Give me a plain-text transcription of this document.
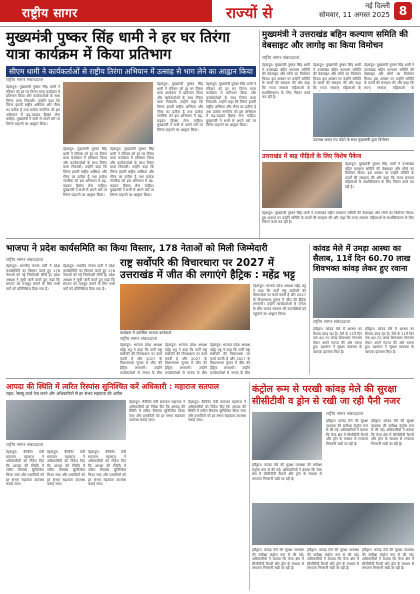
राष्ट्रीय सागर	राज्यों से	नई दिल्ली
सोमवार, 11 अगस्त 2025 8
मुख्यमंत्री पुष्कर सिंह धामी ने हर घर तिरंगा यात्रा कार्यक्रम में किया प्रतिभाग
सीएम धामी ने कार्यकर्ताओं से राष्ट्रीय तिरंगा अभियान में उत्साह से भाग लेने का आह्वान किया
राष्ट्रीय सागर संवाददाता
देहरादून। मुख्यमंत्री पुष्कर सिंह धामी ने रविवार को हर घर तिरंगा यात्रा कार्यक्रम में प्रतिभाग किया और कार्यकर्ताओं के साथ तिरंगा यात्रा निकाली। उन्होंने कहा कि तिरंगा हमारी राष्ट्रीय अस्मिता और गौरव का प्रतीक है तथा प्रत्येक नागरिक को इस अभियान में बढ़-चढ़कर हिस्सा लेना चाहिए। मुख्यमंत्री ने सभी से अपने घरों पर तिरंगा फहराने का आह्वान किया।
देहरादून। मुख्यमंत्री पुष्कर सिंह धामी ने रविवार को हर घर तिरंगा यात्रा कार्यक्रम में प्रतिभाग किया और कार्यकर्ताओं के साथ तिरंगा यात्रा निकाली। उन्होंने कहा कि तिरंगा हमारी राष्ट्रीय अस्मिता और गौरव का प्रतीक है तथा प्रत्येक नागरिक को इस अभियान में बढ़-चढ़कर हिस्सा लेना चाहिए। मुख्यमंत्री ने सभी से अपने घरों पर तिरंगा फहराने का आह्वान किया।
देहरादून। मुख्यमंत्री पुष्कर सिंह धामी ने रविवार को हर घर तिरंगा यात्रा कार्यक्रम में प्रतिभाग किया और कार्यकर्ताओं के साथ तिरंगा यात्रा निकाली। उन्होंने कहा कि तिरंगा हमारी राष्ट्रीय अस्मिता और गौरव का प्रतीक है तथा प्रत्येक नागरिक को इस अभियान में बढ़-चढ़कर हिस्सा लेना चाहिए। मुख्यमंत्री ने सभी से अपने घरों पर तिरंगा फहराने का आह्वान किया।
देहरादून। मुख्यमंत्री पुष्कर सिंह धामी ने रविवार को हर घर तिरंगा यात्रा कार्यक्रम में प्रतिभाग किया और कार्यकर्ताओं के साथ तिरंगा यात्रा निकाली। उन्होंने कहा कि तिरंगा हमारी राष्ट्रीय अस्मिता और गौरव का प्रतीक है तथा प्रत्येक नागरिक को इस अभियान में बढ़-चढ़कर हिस्सा लेना चाहिए। मुख्यमंत्री ने सभी से अपने घरों पर तिरंगा फहराने का आह्वान किया।
देहरादून। मुख्यमंत्री पुष्कर सिंह धामी ने रविवार को हर घर तिरंगा यात्रा कार्यक्रम में प्रतिभाग किया और कार्यकर्ताओं के साथ तिरंगा यात्रा निकाली। उन्होंने कहा कि तिरंगा हमारी राष्ट्रीय अस्मिता और गौरव का प्रतीक है तथा प्रत्येक नागरिक को इस अभियान में बढ़-चढ़कर हिस्सा लेना चाहिए। मुख्यमंत्री ने सभी से अपने घरों पर तिरंगा फहराने का आह्वान किया।
मुख्यमंत्री ने उत्तराखंड बहिन कल्याण समिति की वेबसाइट और लागोइ का किया विमोचन
राष्ट्रीय सागर संवाददाता
देहरादून। मुख्यमंत्री पुष्कर सिंह धामी ने उत्तराखंड बहिन कल्याण समिति की वेबसाइट और लोगो का विमोचन किया। इस अवसर पर उन्होंने समिति के कार्यों की सराहना की और कहा कि राज्य सरकार महिलाओं के सशक्तिकरण के लिए निरंतर कार्य कर रही है।
देहरादून। मुख्यमंत्री पुष्कर सिंह धामी ने उत्तराखंड बहिन कल्याण समिति की वेबसाइट और लोगो का विमोचन किया। इस अवसर पर उन्होंने समिति के कार्यों की सराहना की और कहा कि राज्य सरकार महिलाओं के
देहरादून। मुख्यमंत्री पुष्कर सिंह धामी ने उत्तराखंड बहिन कल्याण समिति की वेबसाइट और लोगो का विमोचन किया। इस अवसर पर उन्होंने समिति के कार्यों की सराहना की और कहा कि राज्य सरकार महिलाओं के
उपलब्ध कराए गए फोटो के साथ मुख्यमंत्री द्वारा विमोचन
उत्तराखंड में बाढ़ पीड़ितों के लिए विशेष पैकेज
देहरादून। मुख्यमंत्री पुष्कर सिंह धामी ने उत्तराखंड बहिन कल्याण समिति की वेबसाइट और लोगो का विमोचन किया। इस अवसर पर उन्होंने समिति के कार्यों की सराहना की और कहा कि राज्य सरकार महिलाओं के सशक्तिकरण के लिए निरंतर कार्य कर रही है।
देहरादून। मुख्यमंत्री पुष्कर सिंह धामी ने उत्तराखंड बहिन कल्याण समिति की वेबसाइट और लोगो का विमोचन किया। इस अवसर पर उन्होंने समिति के कार्यों की सराहना की और कहा कि राज्य सरकार महिलाओं के सशक्तिकरण के लिए निरंतर कार्य कर रही है।
भाजपा ने प्रदेश कार्यसमिति का किया विस्तार, 178 नेताओं को मिली जिम्मेदारी
राष्ट्रीय सागर संवाददाता
देहरादून। भारतीय जनता पार्टी ने प्रदेश कार्यसमिति का विस्तार करते हुए 178 नेताओं को नई जिम्मेदारी सौंपी है। प्रदेश अध्यक्ष ने सूची जारी करते हुए कहा कि संगठन को मजबूत बनाने के लिए सभी वर्गों को प्रतिनिधित्व दिया गया है।
देहरादून। भारतीय जनता पार्टी ने प्रदेश कार्यसमिति का विस्तार करते हुए 178 नेताओं को नई जिम्मेदारी सौंपी है। प्रदेश अध्यक्ष ने सूची जारी करते हुए कहा कि संगठन को मजबूत बनाने के लिए सभी वर्गों को प्रतिनिधित्व दिया गया है।
राष्ट्र सर्वोपरि की विचारधारा पर 2027 में उत्तराखंड में जीत की लगाएंगे हैट्रिक : महेंद्र भट्ट
कार्यक्रम में उपस्थित भाजपा कार्यकर्ता
देहरादून। भाजपा प्रदेश अध्यक्ष महेंद्र भट्ट ने कहा कि पार्टी राष्ट्र सर्वोपरि की विचारधारा पर कार्य करती है और 2027 के विधानसभा चुनाव में जीत की हैट्रिक लगाएगी। उन्होंने कार्यकर्ताओं से जनता के बीच जाकर सरकार की उपलब्धियों को पहुंचाने का आह्वान किया।
राष्ट्रीय सागर संवाददाता
देहरादून। भाजपा प्रदेश अध्यक्ष महेंद्र भट्ट ने कहा कि पार्टी राष्ट्र सर्वोपरि की विचारधारा पर कार्य करती है और 2027 के विधानसभा चुनाव में जीत की हैट्रिक लगाएगी। उन्होंने कार्यकर्ताओं से जनता के बीच
देहरादून। भाजपा प्रदेश अध्यक्ष महेंद्र भट्ट ने कहा कि पार्टी राष्ट्र सर्वोपरि की विचारधारा पर कार्य करती है और 2027 के विधानसभा चुनाव में जीत की हैट्रिक लगाएगी। उन्होंने कार्यकर्ताओं से जनता के बीच
देहरादून। भाजपा प्रदेश अध्यक्ष महेंद्र भट्ट ने कहा कि पार्टी राष्ट्र सर्वोपरि की विचारधारा पर कार्य करती है और 2027 के विधानसभा चुनाव में जीत की हैट्रिक लगाएगी। उन्होंने कार्यकर्ताओं से जनता के बीच
कांवड मेले में उमड़ा आस्था का सैलाब, 11वें दिन 60.70 लाख शिवभक्त कांवड़ लेकर हुए रवाना
राष्ट्रीय सागर संवाददाता
हरिद्वार। कांवड मेले में आस्था का सैलाब उमड़ रहा है। मेले के 11वें दिन तक 60.70 लाख शिवभक्त गंगाजल लेकर अपने गंतव्य की ओर रवाना हुए। प्रशासन ने सुरक्षा व्यवस्था के व्यापक इंतजाम किए हैं।
हरिद्वार। कांवड मेले में आस्था का सैलाब उमड़ रहा है। मेले के 11वें दिन तक 60.70 लाख शिवभक्त गंगाजल लेकर अपने गंतव्य की ओर रवाना हुए। प्रशासन ने सुरक्षा व्यवस्था के व्यापक इंतजाम किए हैं।
आपदा की स्थिति में त्वरित रिस्पांस सुनिश्चित करें अधिकारी : महाराज सतपाल
राहत, रेस्क्यू कार्य तेज करने और अधिकारियों से हर संभव सहायता की अपील
राष्ट्रीय सागर संवाददाता
देहरादून। कैबिनेट मंत्री सतपाल महाराज ने अधिकारियों को निर्देश दिए कि आपदा की स्थिति में त्वरित रिस्पांस सुनिश्चित किया जाए और प्रभावितों को हर संभव सहायता उपलब्ध कराई जाए।
देहरादून। कैबिनेट मंत्री सतपाल महाराज ने अधिकारियों को निर्देश दिए कि आपदा की स्थिति में त्वरित रिस्पांस सुनिश्चित किया जाए और प्रभावितों को हर संभव सहायता उपलब्ध कराई जाए।
देहरादून। कैबिनेट मंत्री सतपाल महाराज ने अधिकारियों को निर्देश दिए कि आपदा की स्थिति में त्वरित रिस्पांस सुनिश्चित किया जाए और प्रभावितों को हर संभव सहायता उपलब्ध कराई जाए।
देहरादून। कैबिनेट मंत्री सतपाल महाराज ने अधिकारियों को निर्देश दिए कि आपदा की स्थिति में त्वरित रिस्पांस सुनिश्चित किया जाए और प्रभावितों को हर संभव सहायता उपलब्ध कराई जाए।
देहरादून। कैबिनेट मंत्री सतपाल महाराज ने अधिकारियों को निर्देश दिए कि आपदा की स्थिति में त्वरित रिस्पांस सुनिश्चित किया जाए और प्रभावितों को हर संभव सहायता उपलब्ध कराई जाए।
कंट्रोल रूम से परखी कांवड़ मेले की सुरक्षा सीसीटीवी व ड्रोन से रखी जा रही पैनी नजर
राष्ट्रीय सागर संवाददाता
हरिद्वार। कांवड़ मेले की सुरक्षा व्यवस्था की समीक्षा कंट्रोल रूम से की गई। अधिकारियों ने बताया कि मेला क्षेत्र में सीसीटीवी कैमरों और ड्रोन के माध्यम से लगातार निगरानी रखी जा रही है।
हरिद्वार। कांवड़ मेले की सुरक्षा व्यवस्था की समीक्षा कंट्रोल रूम से की गई। अधिकारियों ने बताया कि मेला क्षेत्र में सीसीटीवी कैमरों और ड्रोन के माध्यम से लगातार निगरानी रखी जा रही है।
हरिद्वार। कांवड़ मेले की सुरक्षा व्यवस्था की समीक्षा कंट्रोल रूम से की गई। अधिकारियों ने बताया कि मेला क्षेत्र में सीसीटीवी कैमरों और ड्रोन के माध्यम से लगातार निगरानी रखी जा रही है।
हरिद्वार। कांवड़ मेले की सुरक्षा व्यवस्था की समीक्षा कंट्रोल रूम से की गई। अधिकारियों ने बताया कि मेला क्षेत्र में सीसीटीवी कैमरों और ड्रोन के माध्यम से लगातार निगरानी रखी जा रही है।
हरिद्वार। कांवड़ मेले की सुरक्षा व्यवस्था की समीक्षा कंट्रोल रूम से की गई। अधिकारियों ने बताया कि मेला क्षेत्र में सीसीटीवी कैमरों और ड्रोन के माध्यम से लगातार निगरानी रखी जा रही है।
हरिद्वार। कांवड़ मेले की सुरक्षा व्यवस्था की समीक्षा कंट्रोल रूम से की गई। अधिकारियों ने बताया कि मेला क्षेत्र में सीसीटीवी कैमरों और ड्रोन के माध्यम से लगातार निगरानी रखी जा रही है।
